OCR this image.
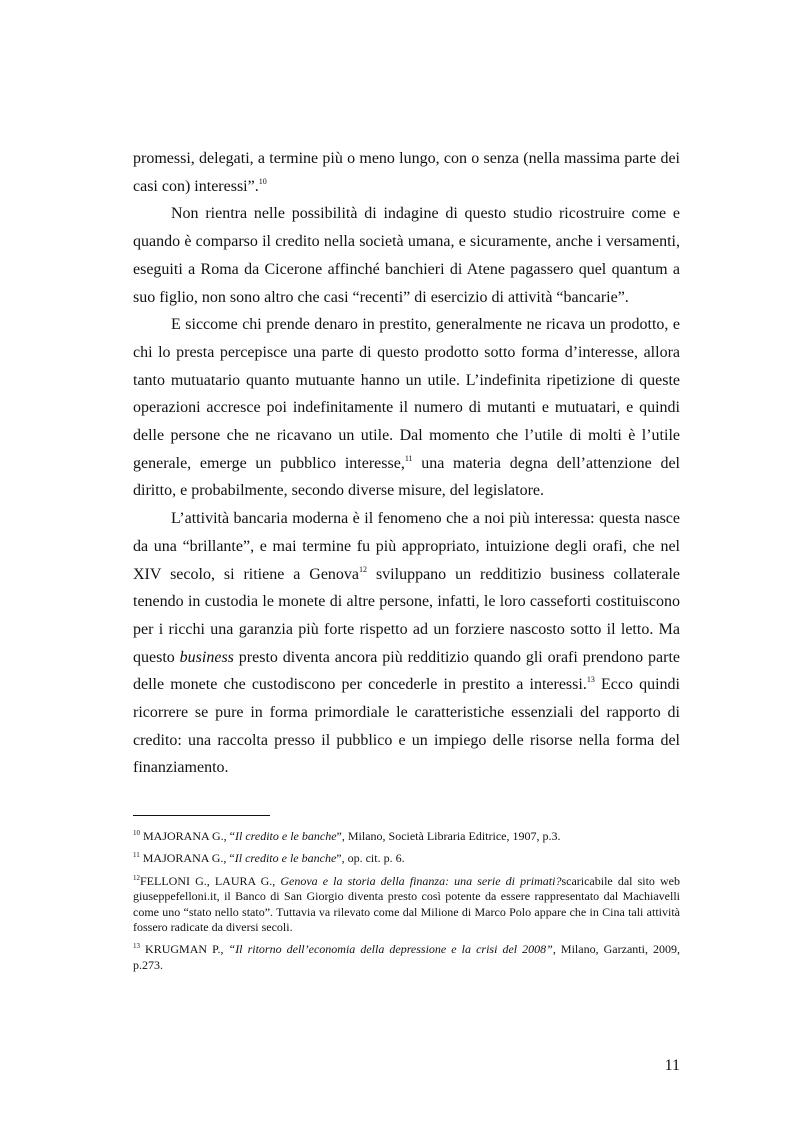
promessi, delegati, a termine più o meno lungo, con o senza (nella massima parte dei casi con) interessi”.$^{10}$

Non rientra nelle possibilità di indagine di questo studio ricostruire come e quando è comparso il credito nella società umana, e sicuramente, anche i versamenti, eseguiti a Roma da Cicerone affinché banchieri di Atene pagassero quel quantum a suo figlio, non sono altro che casi “recenti” di esercizio di attività “bancarie”.

E siccome chi prende denaro in prestito, generalmente ne ricava un prodotto, e chi lo presta percepisce una parte di questo prodotto sotto forma d’interesse, allora tanto mutuatario quanto mutuante hanno un utile. L’indefinita ripetizione di queste operazioni accresce poi indefinitamente il numero di mutanti e mutuatari, e quindi delle persone che ne ricavano un utile. Dal momento che l’utile di molti è l’utile generale, emerge un pubblico interesse,$^{11}$ una materia degna dell’attenzione del diritto, e probabilmente, secondo diverse misure, del legislatore.

L’attività bancaria moderna è il fenomeno che a noi più interessa: questa nasce da una “brillante”, e mai termine fu più appropriato, intuizione degli orafi, che nel XIV secolo, si ritiene a Genova$^{12}$ sviluppano un redditizio business collaterale tenendo in custodia le monete di altre persone, infatti, le loro casseforti costituiscono per i ricchi una garanzia più forte rispetto ad un forziere nascosto sotto il letto. Ma questo business presto diventa ancora più redditizio quando gli orafi prendono parte delle monete che custodiscono per concederle in prestito a interessi.$^{13}$ Ecco quindi ricorrere se pure in forma primordiale le caratteristiche essenziali del rapporto di credito: una raccolta presso il pubblico e un impiego delle risorse nella forma del finanziamento.

$^{10}$ MAJORANA G., “Il credito e le banche”, Milano, Società Libraria Editrice, 1907, p.3.

$^{11}$ MAJORANA G., “Il credito e le banche”, op. cit. p. 6.

$^{12}$FELLONI G., LAURA G., Genova e la storia della finanza: una serie di primati?scaricabile dal sito web giuseppefelloni.it, il Banco di San Giorgio diventa presto così potente da essere rappresentato dal Machiavelli come uno “stato nello stato”. Tuttavia va rilevato come dal Milione di Marco Polo appare che in Cina tali attività fossero radicate da diversi secoli.

$^{13}$ KRUGMAN P., “Il ritorno dell’economia della depressione e la crisi del 2008”, Milano, Garzanti, 2009, p.273.

11
